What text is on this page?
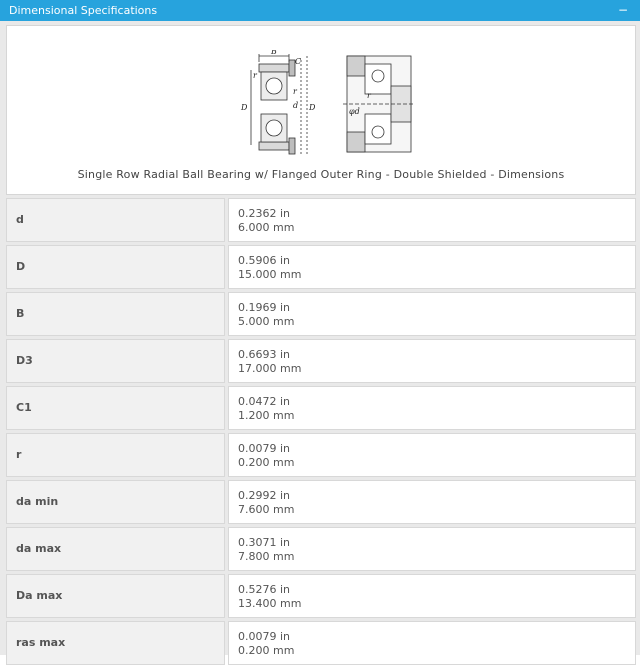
Dimensional Specifications	−
B
C
r
r
d
D	D
r
φd
Single Row Radial Ball Bearing w/ Flanged Outer Ring - Double Shielded - Dimensions
d	0.2362 in
6.000 mm
D	0.5906 in
15.000 mm
B	0.1969 in
5.000 mm
D3	0.6693 in
17.000 mm
C1	0.0472 in
1.200 mm
r	0.0079 in
0.200 mm
da min	0.2992 in
7.600 mm
da max	0.3071 in
7.800 mm
Da max	0.5276 in
13.400 mm
ras max	0.0079 in
0.200 mm
